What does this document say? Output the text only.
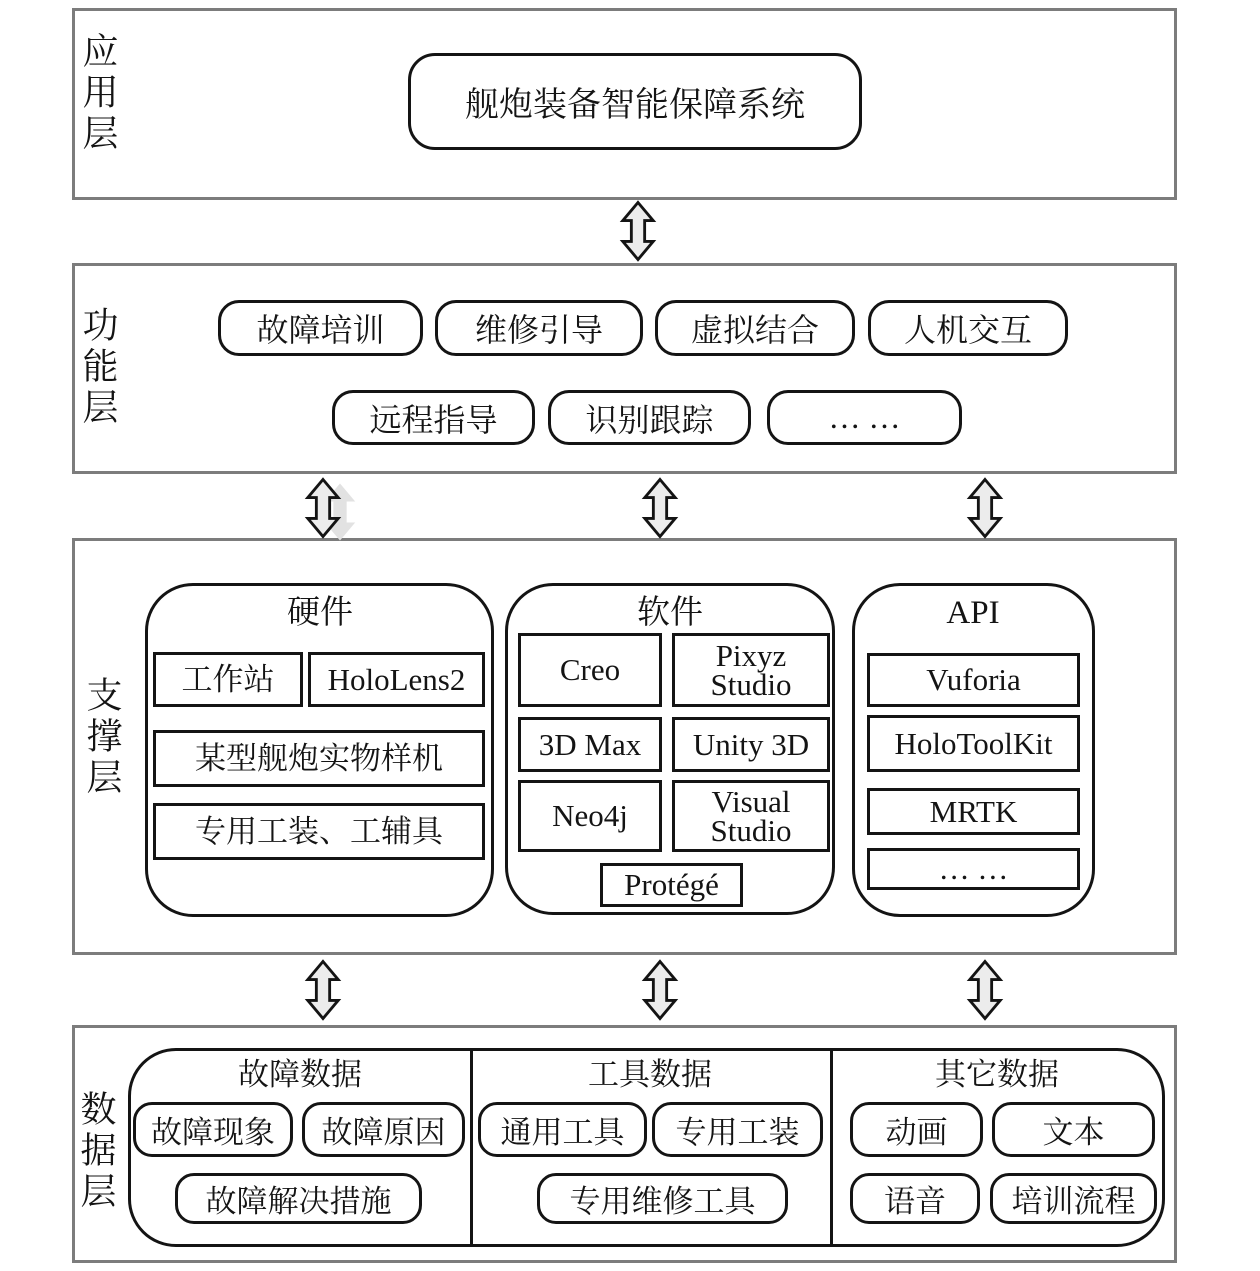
应用层
功能层
支撑层
数据层
舰炮装备智能保障系统
故障培训	维修引导	虚拟结合	人机交互
远程指导	识别跟踪	… …
硬件
工作站	HoloLens2
某型舰炮实物样机
专用工装、工辅具
软件
Creo	Pixyz Studio
3D Max	Unity 3D
Neo4j	Visual Studio
Protégé
API
Vuforia
HoloToolKit
MRTK
… …
故障数据
故障现象	故障原因
故障解决措施
工具数据
通用工具	专用工装
专用维修工具
其它数据
动画	文本
语音	培训流程
